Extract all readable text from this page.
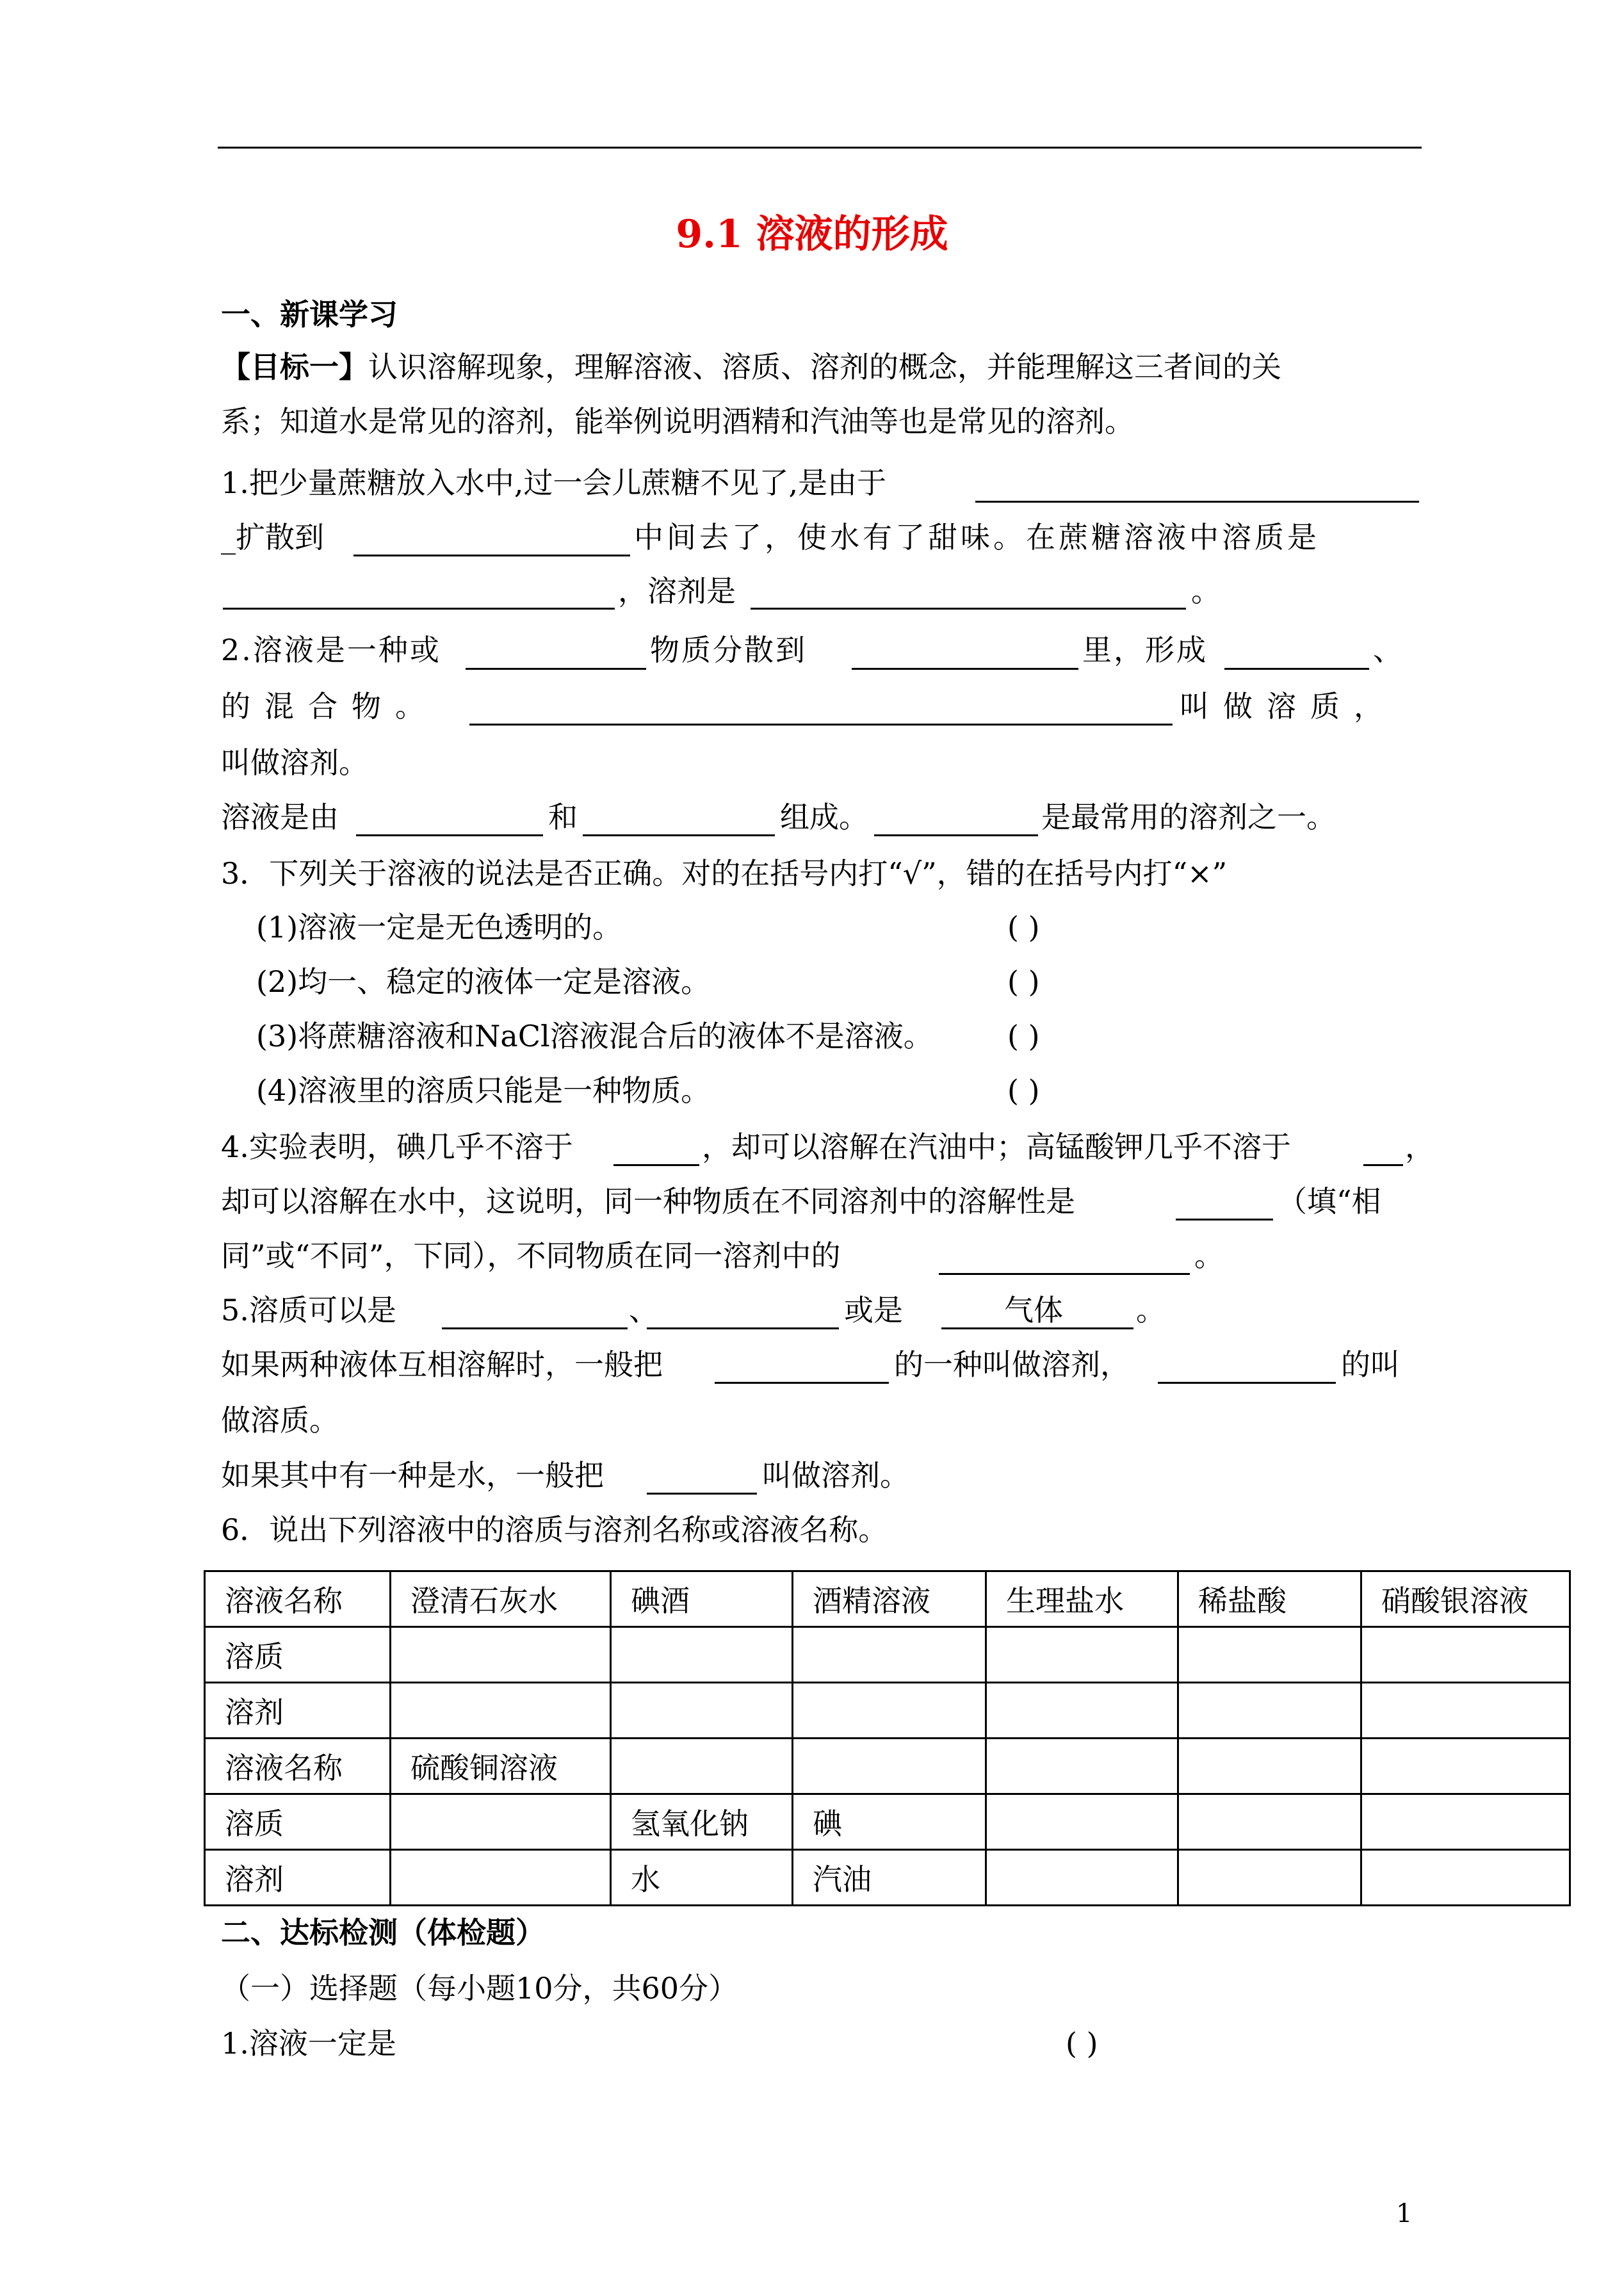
9.1 溶液的形成
一、新课学习
【目标一】认识溶解现象，理解溶液、溶质、溶剂的概念，并能理解这三者间的关
系；知道水是常见的溶剂，能举例说明酒精和汽油等也是常见的溶剂。
1.把少量蔗糖放入水中,过一会儿蔗糖不见了,是由于
_扩散到	中间去了，使水有了甜味。在蔗糖溶液中溶质是
，溶剂是	。
2.溶液是一种或	物质分散到	里，形成	、
的混合物。	叫做溶质，
叫做溶剂。
溶液是由	和	组成。	是最常用的溶剂之一。
3．下列关于溶液的说法是否正确。对的在括号内打“√”，错的在括号内打“×”
(1)溶液一定是无色透明的。	( )
(2)均一、稳定的液体一定是溶液。	( )
(3)将蔗糖溶液和NaCl溶液混合后的液体不是溶液。	( )
(4)溶液里的溶质只能是一种物质。	( )
4.实验表明，碘几乎不溶于	，却可以溶解在汽油中；高锰酸钾几乎不溶于	，
却可以溶解在水中，这说明，同一种物质在不同溶剂中的溶解性是	（填“相
同”或“不同”，下同），不同物质在同一溶剂中的	。
5.溶质可以是	、	或是	气体 。
如果两种液体互相溶解时，一般把	的一种叫做溶剂，	的叫
做溶质。
如果其中有一种是水，一般把	叫做溶剂。
6．说出下列溶液中的溶质与溶剂名称或溶液名称。
溶液名称	澄清石灰水	碘酒	酒精溶液	生理盐水	稀盐酸	硝酸银溶液
溶质						
溶剂						
溶液名称	硫酸铜溶液					
溶质		氢氧化钠	碘			
溶剂		水	汽油			
二、达标检测（体检题）
（一）选择题（每小题10分，共60分）
1.溶液一定是	( )
1
